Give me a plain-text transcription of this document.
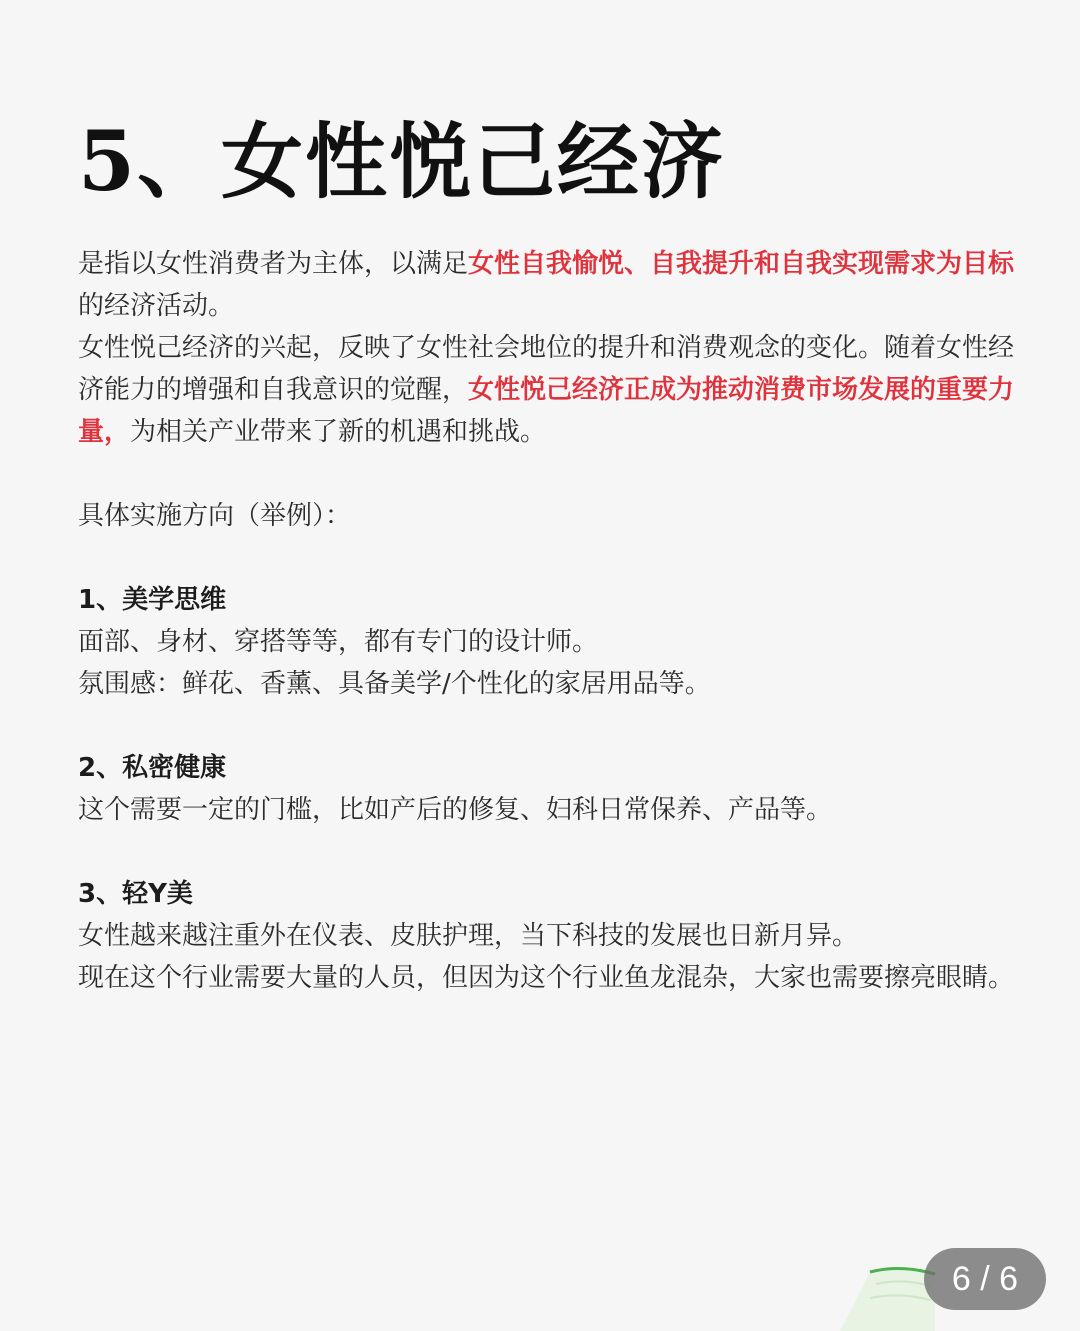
5、女性悦己经济

是指以女性消费者为主体，以满足女性自我愉悦、自我提升和自我实现需求为目标的经济活动。

女性悦己经济的兴起，反映了女性社会地位的提升和消费观念的变化。随着女性经济能力的增强和自我意识的觉醒，女性悦己经济正成为推动消费市场发展的重要力量，为相关产业带来了新的机遇和挑战。

具体实施方向（举例）：

1、美学思维

面部、身材、穿搭等等，都有专门的设计师。

氛围感：鲜花、香薰、具备美学/个性化的家居用品等。

2、私密健康

这个需要一定的门槛，比如产后的修复、妇科日常保养、产品等。

3、轻Y美

女性越来越注重外在仪表、皮肤护理，当下科技的发展也日新月异。

现在这个行业需要大量的人员，但因为这个行业鱼龙混杂，大家也需要擦亮眼睛。

6 / 6
